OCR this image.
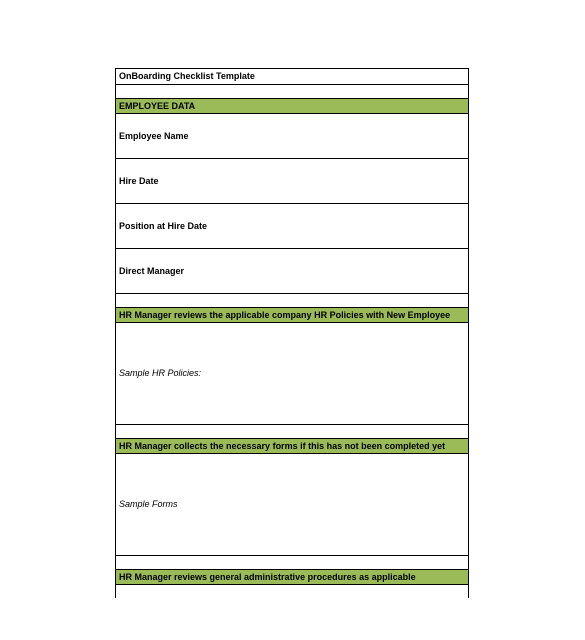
OnBoarding Checklist Template
EMPLOYEE DATA
Employee Name
Hire Date
Position at Hire Date
Direct Manager
HR Manager reviews the applicable company HR Policies with New Employee
Sample HR Policies:
HR Manager collects the necessary forms if this has not been completed yet
Sample Forms
HR Manager reviews general administrative procedures as applicable
